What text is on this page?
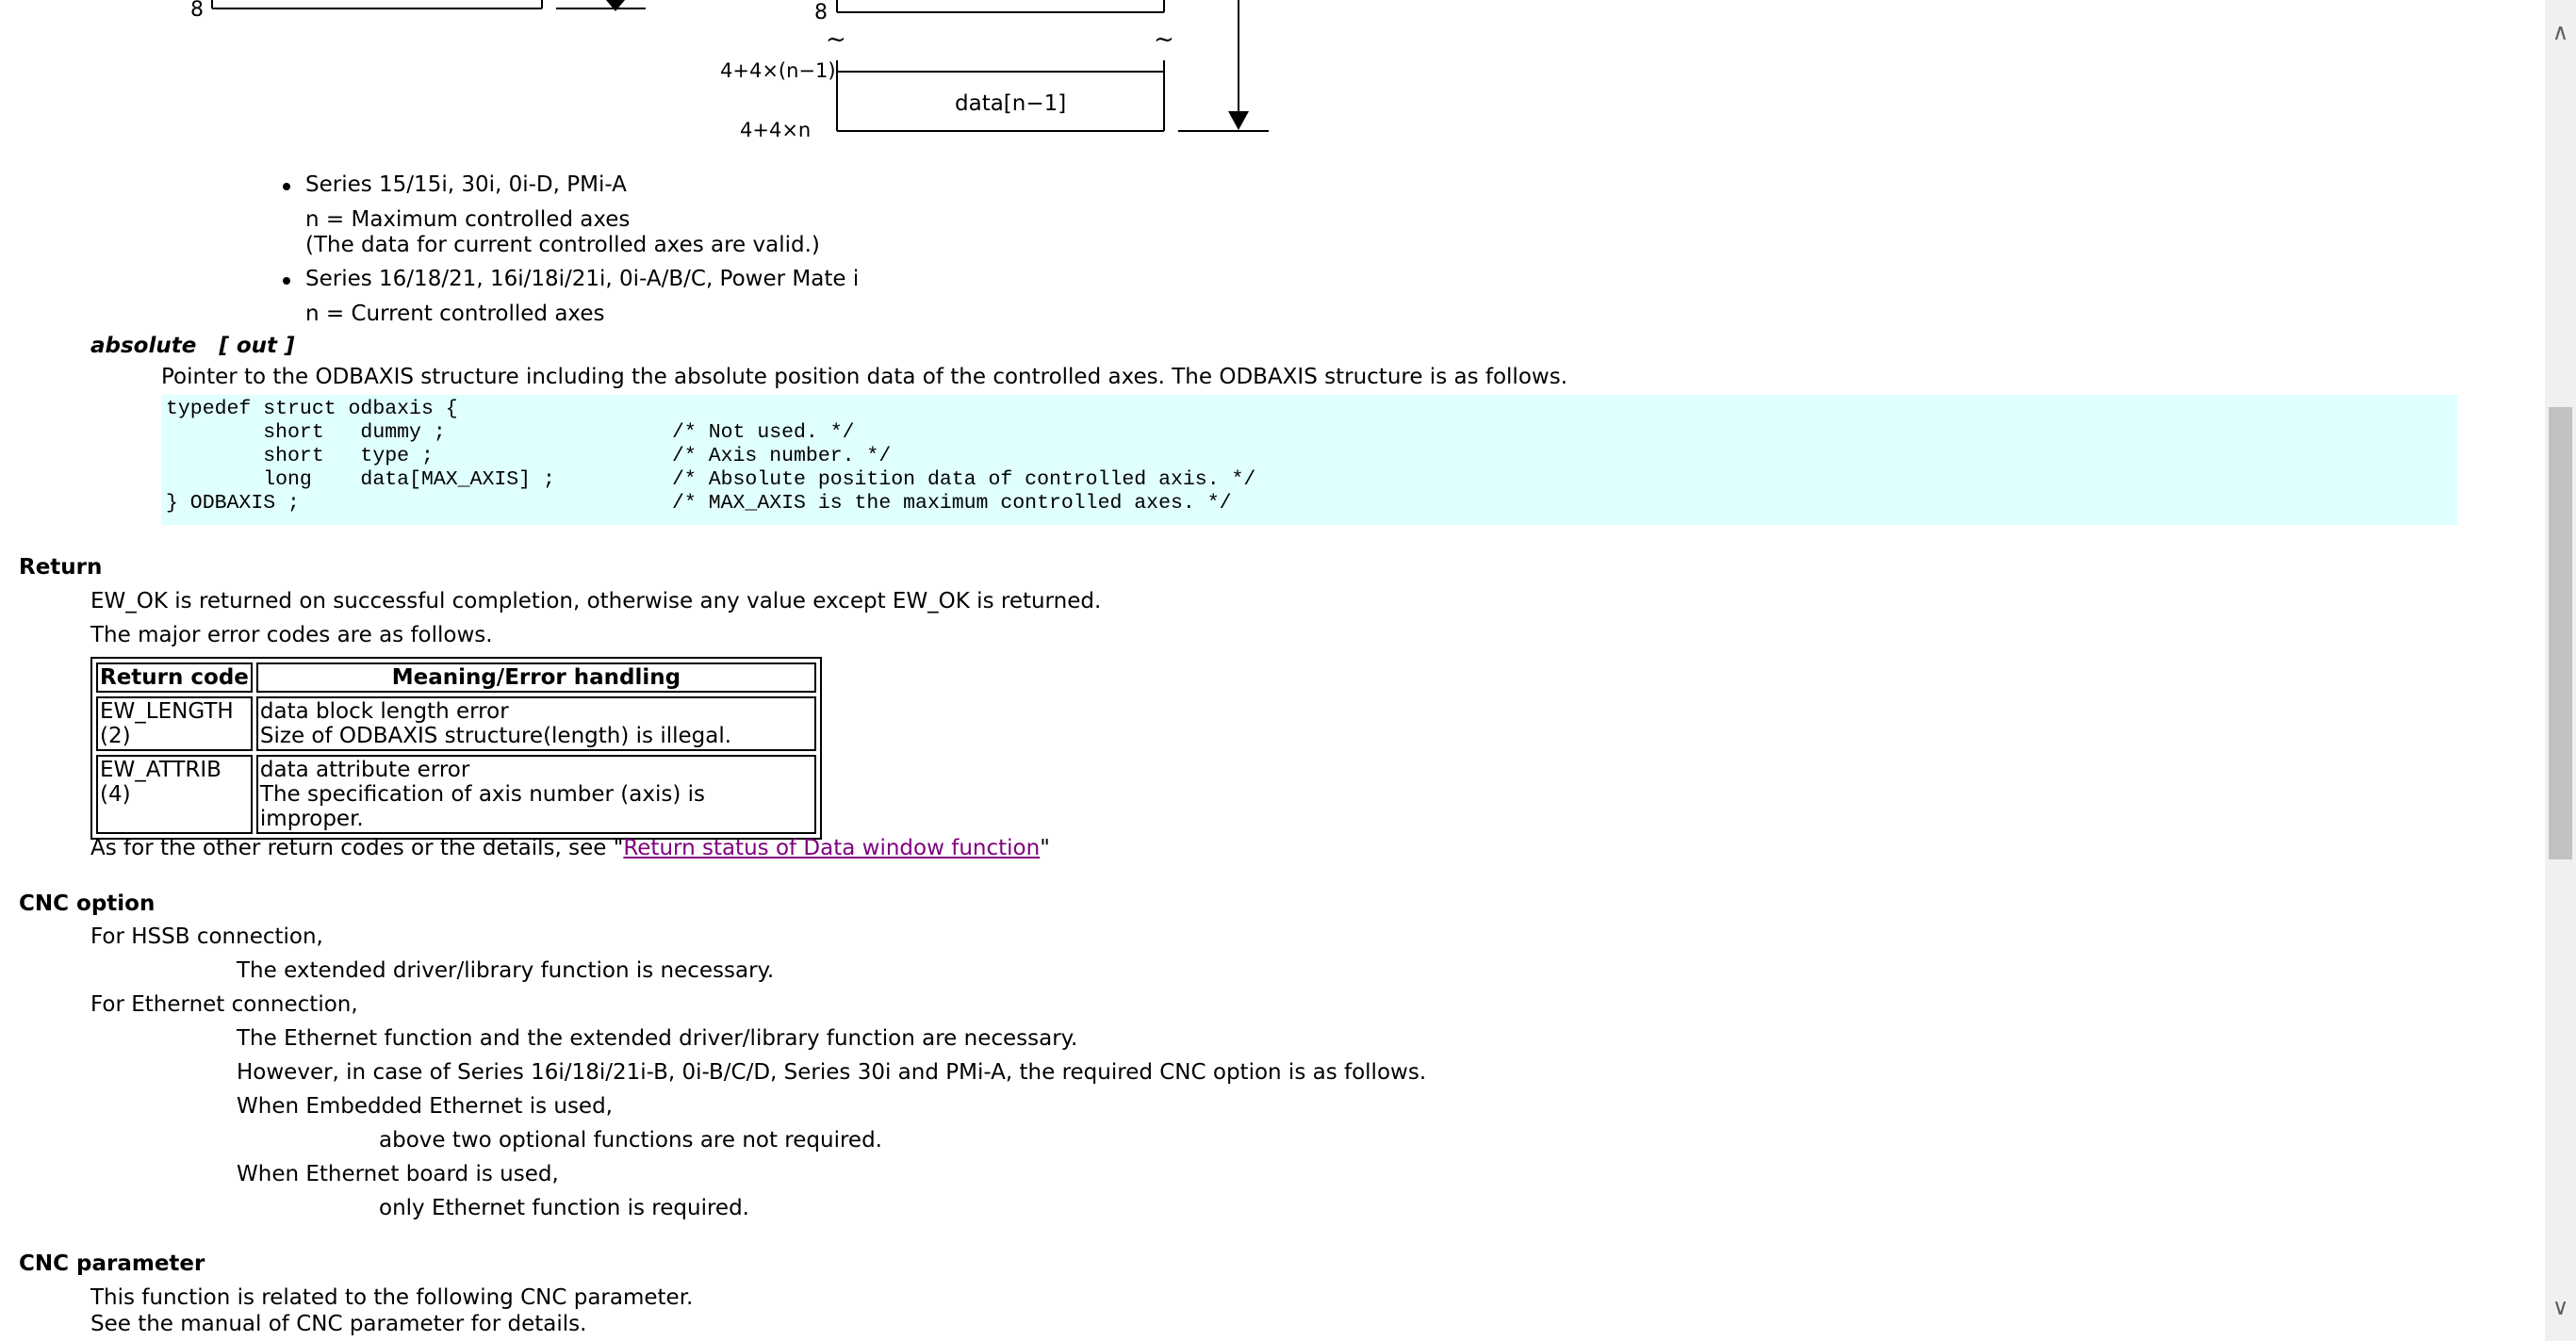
8	8
~	~
4+4×(n−1)
data[n−1]
4+4×n
Series 15/15i, 30i, 0i-D, PMi-A
n = Maximum controlled axes
(The data for current controlled axes are valid.)
Series 16/18/21, 16i/18i/21i, 0i-A/B/C, Power Mate i
n = Current controlled axes
absolute [ out ]
Pointer to the ODBAXIS structure including the absolute position data of the controlled axes. The ODBAXIS structure is as follows.
typedef struct odbaxis {
short   dummy ;	/* Not used. */
short   type ;	/* Axis number. */
long    data[MAX_AXIS] ;	/* Absolute position data of controlled axis. */
} ODBAXIS ;	/* MAX_AXIS is the maximum controlled axes. */
Return
EW_OK is returned on successful completion, otherwise any value except EW_OK is returned.
The major error codes are as follows.
Return code	Meaning/Error handling
EW_LENGTH
(2)	data block length error
Size of ODBAXIS structure(length) is illegal.
EW_ATTRIB
(4)	data attribute error
The specification of axis number (axis) is improper.
As for the other return codes or the details, see "Return status of Data window function"
CNC option
For HSSB connection,
The extended driver/library function is necessary.
For Ethernet connection,
The Ethernet function and the extended driver/library function are necessary.
However, in case of Series 16i/18i/21i-B, 0i-B/C/D, Series 30i and PMi-A, the required CNC option is as follows.
When Embedded Ethernet is used,
above two optional functions are not required.
When Ethernet board is used,
only Ethernet function is required.
CNC parameter
This function is related to the following CNC parameter.
See the manual of CNC parameter for details.
∧
∨
